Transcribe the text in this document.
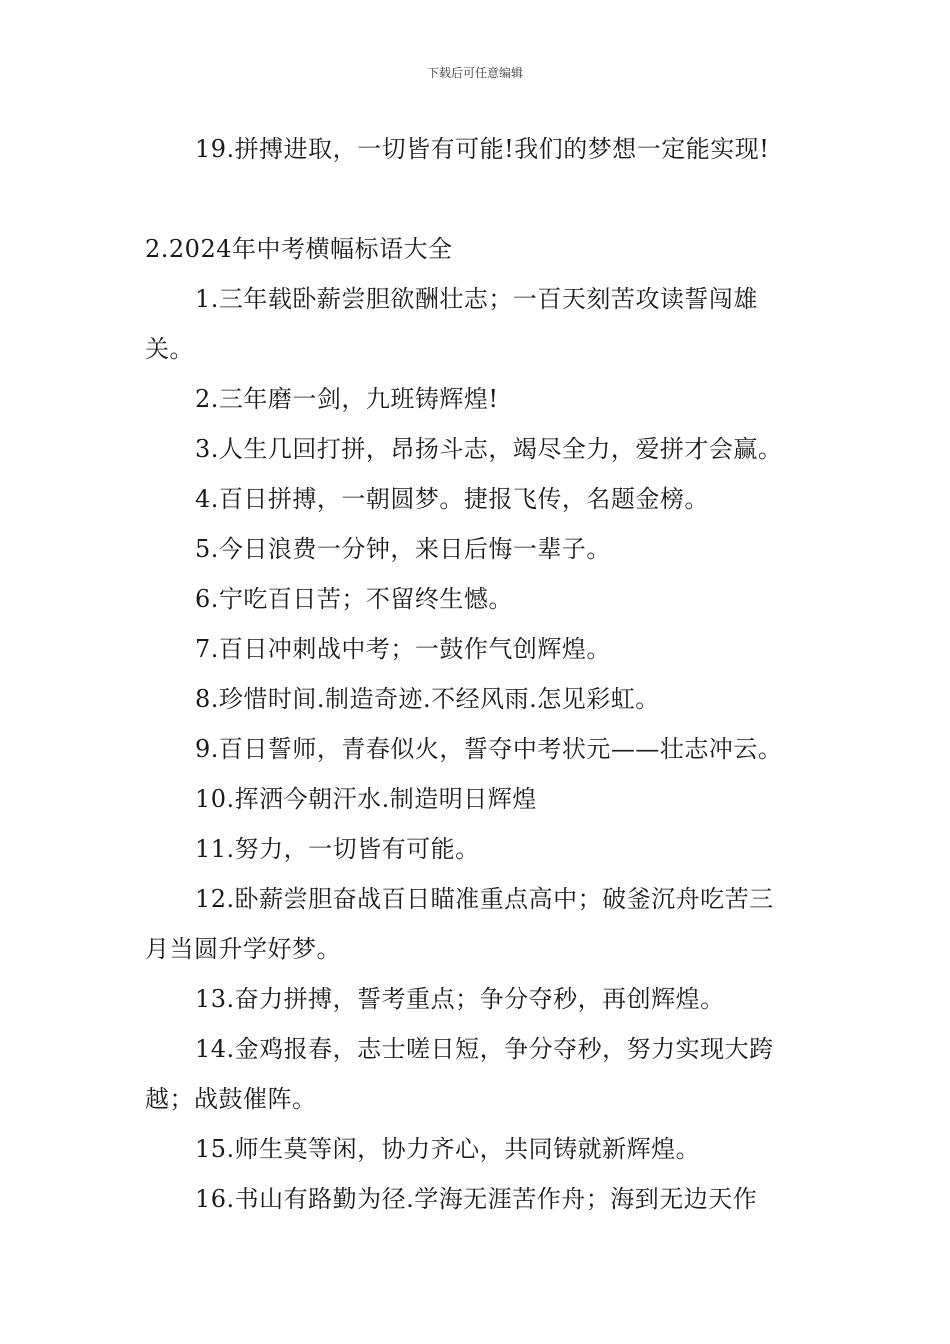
下载后可任意编辑
19.拼搏进取，一切皆有可能!我们的梦想一定能实现!
2.2024年中考横幅标语大全
1.三年载卧薪尝胆欲酬壮志；一百天刻苦攻读誓闯雄
关。
2.三年磨一剑，九班铸辉煌!
3.人生几回打拼，昂扬斗志，竭尽全力，爱拼才会赢。
4.百日拼搏，一朝圆梦。捷报飞传，名题金榜。
5.今日浪费一分钟，来日后悔一辈子。
6.宁吃百日苦；不留终生憾。
7.百日冲刺战中考；一鼓作气创辉煌。
8.珍惜时间.制造奇迹.不经风雨.怎见彩虹。
9.百日誓师，青春似火，誓夺中考状元——壮志冲云。
10.挥洒今朝汗水.制造明日辉煌
11.努力，一切皆有可能。
12.卧薪尝胆奋战百日瞄准重点高中；破釜沉舟吃苦三
月当圆升学好梦。
13.奋力拼搏，誓考重点；争分夺秒，再创辉煌。
14.金鸡报春，志士嗟日短，争分夺秒，努力实现大跨
越；战鼓催阵。
15.师生莫等闲，协力齐心，共同铸就新辉煌。
16.书山有路勤为径.学海无涯苦作舟；海到无边天作
